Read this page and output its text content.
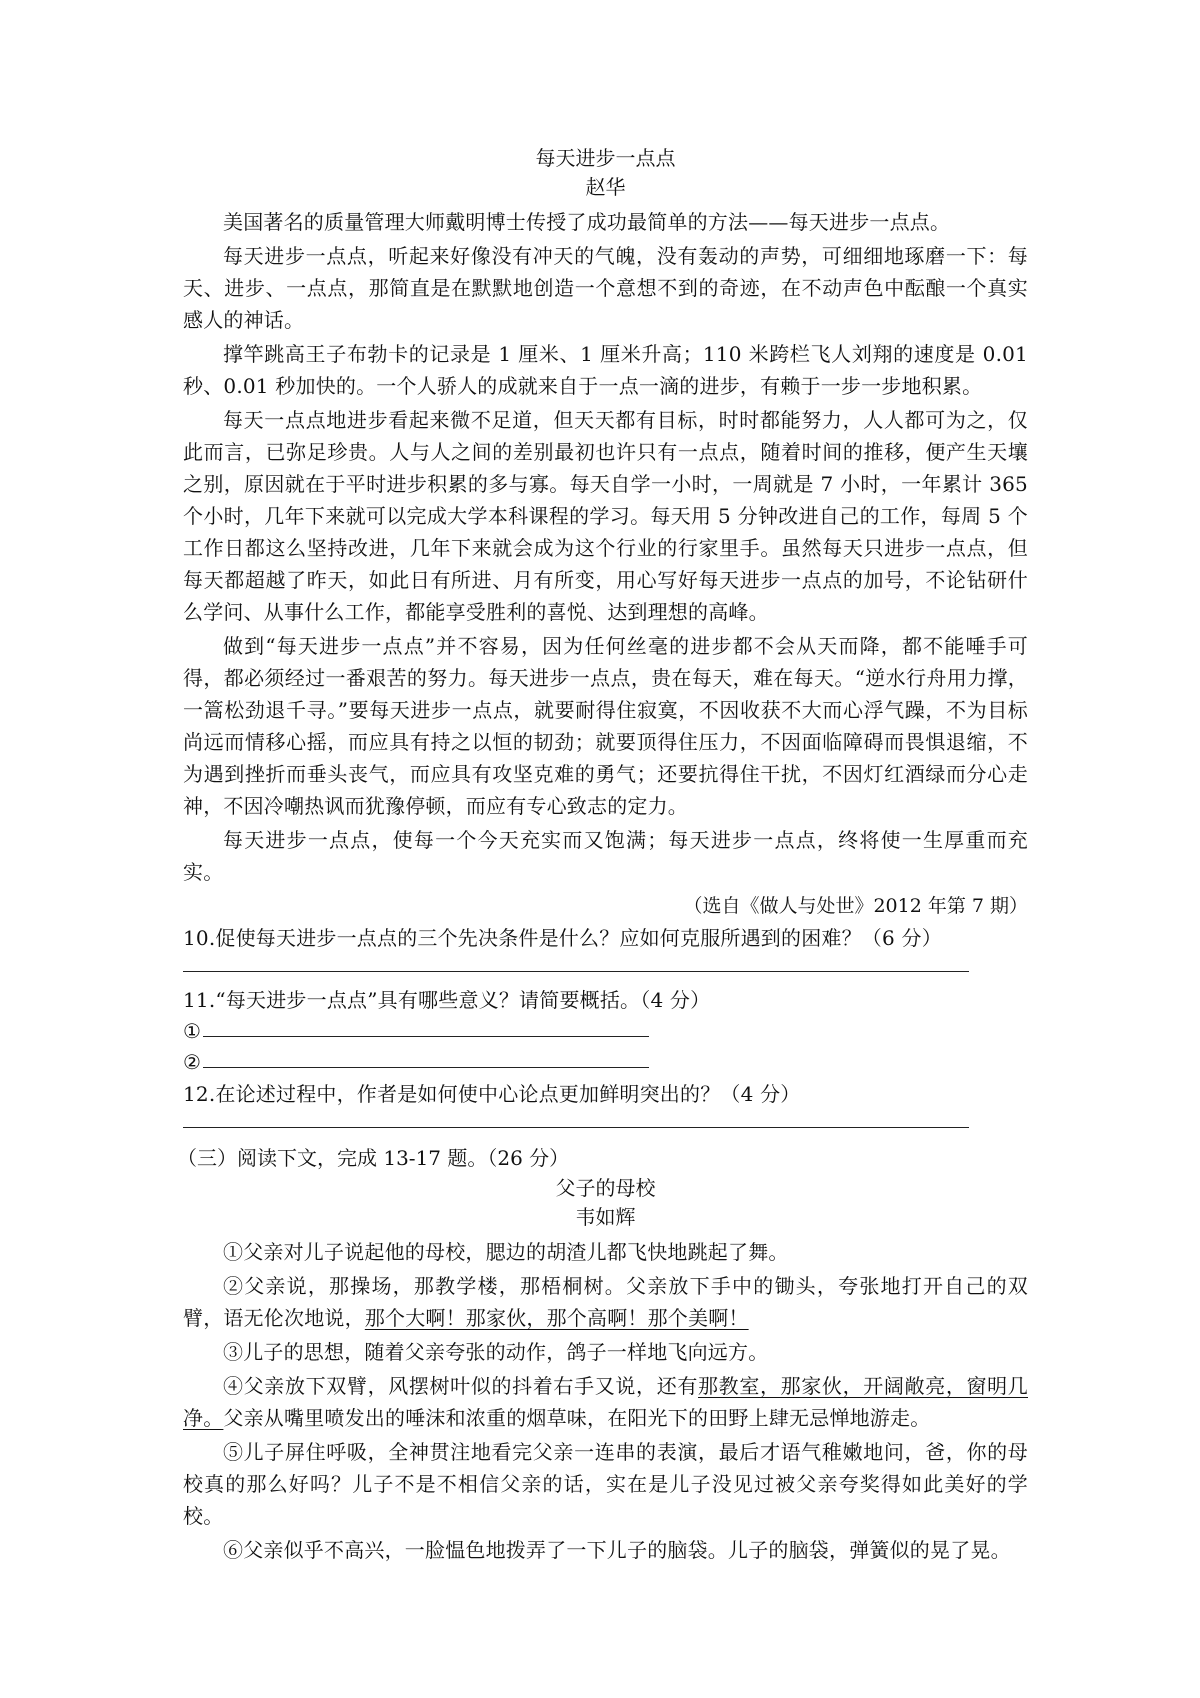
每天进步一点点
赵华

美国著名的质量管理大师戴明博士传授了成功最简单的方法——每天进步一点点。

每天进步一点点，听起来好像没有冲天的气魄，没有轰动的声势，可细细地琢磨一下：每天、进步、一点点，那简直是在默默地创造一个意想不到的奇迹，在不动声色中酝酿一个真实感人的神话。

撑竿跳高王子布勃卡的记录是 1 厘米、1 厘米升高；110 米跨栏飞人刘翔的速度是 0.01 秒、0.01 秒加快的。一个人骄人的成就来自于一点一滴的进步，有赖于一步一步地积累。

每天一点点地进步看起来微不足道，但天天都有目标，时时都能努力，人人都可为之，仅此而言，已弥足珍贵。人与人之间的差别最初也许只有一点点，随着时间的推移，便产生天壤之别，原因就在于平时进步积累的多与寡。每天自学一小时，一周就是 7 小时，一年累计 365 个小时，几年下来就可以完成大学本科课程的学习。每天用 5 分钟改进自己的工作，每周 5 个工作日都这么坚持改进，几年下来就会成为这个行业的行家里手。虽然每天只进步一点点，但每天都超越了昨天，如此日有所进、月有所变，用心写好每天进步一点点的加号，不论钻研什么学问、从事什么工作，都能享受胜利的喜悦、达到理想的高峰。

做到“每天进步一点点”并不容易，因为任何丝毫的进步都不会从天而降，都不能唾手可得，都必须经过一番艰苦的努力。每天进步一点点，贵在每天，难在每天。“逆水行舟用力撑，一篙松劲退千寻。”要每天进步一点点，就要耐得住寂寞，不因收获不大而心浮气躁，不为目标尚远而情移心摇，而应具有持之以恒的韧劲；就要顶得住压力，不因面临障碍而畏惧退缩，不为遇到挫折而垂头丧气，而应具有攻坚克难的勇气；还要抗得住干扰，不因灯红酒绿而分心走神，不因冷嘲热讽而犹豫停顿，而应有专心致志的定力。

每天进步一点点，使每一个今天充实而又饱满；每天进步一点点，终将使一生厚重而充实。

（选自《做人与处世》2012 年第 7 期）
10.促使每天进步一点点的三个先决条件是什么？应如何克服所遇到的困难？（6 分）
11.“每天进步一点点”具有哪些意义？请简要概括。（4 分）
①
②
12.在论述过程中，作者是如何使中心论点更加鲜明突出的？（4 分）
（三）阅读下文，完成 13-17 题。（26 分）
父子的母校
韦如辉

①父亲对儿子说起他的母校，腮边的胡渣儿都飞快地跳起了舞。

②父亲说，那操场，那教学楼，那梧桐树。父亲放下手中的锄头，夸张地打开自己的双臂，语无伦次地说，那个大啊！那家伙，那个高啊！那个美啊！

③儿子的思想，随着父亲夸张的动作，鸽子一样地飞向远方。

④父亲放下双臂，风摆树叶似的抖着右手又说，还有那教室，那家伙，开阔敞亮，窗明几净。父亲从嘴里喷发出的唾沫和浓重的烟草味，在阳光下的田野上肆无忌惮地游走。

⑤儿子屏住呼吸，全神贯注地看完父亲一连串的表演，最后才语气稚嫩地问，爸，你的母校真的那么好吗？儿子不是不相信父亲的话，实在是儿子没见过被父亲夸奖得如此美好的学校。

⑥父亲似乎不高兴，一脸愠色地拨弄了一下儿子的脑袋。儿子的脑袋，弹簧似的晃了晃。
